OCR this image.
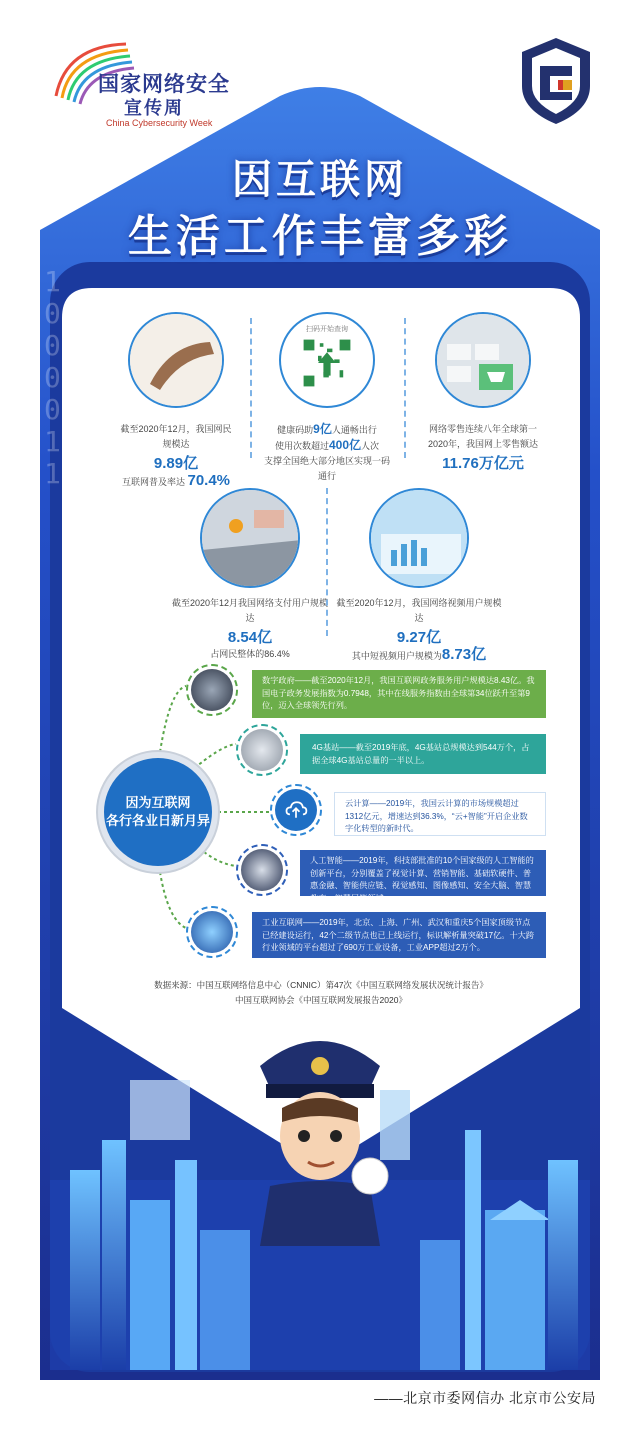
国家网络安全
宣传周
China Cybersecurity Week
因互联网
生活工作丰富多彩
1
0
0
0
0
1
1
截至2020年12月，我国网民规模达
9.89亿
互联网普及率达 70.4%
扫码开始查询
健康码助9亿人通畅出行
使用次数超过400亿人次
支撑全国绝大部分地区实现一码通行
网络零售连续八年全球第一
2020年，我国网上零售额达
11.76万亿元
截至2020年12月我国网络支付用户规模达
8.54亿
占网民整体的86.4%
截至2020年12月，我国网络视频用户规模达
9.27亿
其中短视频用户规模为8.73亿
因为互联网
各行各业日新月异
数字政府——截至2020年12月，我国互联网政务服务用户规模达8.43亿。我国电子政务发展指数为0.7948，其中在线服务指数由全球第34位跃升至第9位，迈入全球领先行列。
4G基站——截至2019年底，4G基站总规模达到544万个，占据全球4G基站总量的一半以上。
云计算——2019年，我国云计算的市场规模超过1312亿元，增速达到36.3%，“云+智能”开启企业数字化转型的新时代。
人工智能——2019年，科技部批准的10个国家级的人工智能的创新平台，分别覆盖了视觉计算、营销智能、基础软硬件、普惠金融、智能供应链、视觉感知、图像感知、安全大脑、智慧教育、智慧居等领域。
工业互联网——2019年，北京、上海、广州、武汉和重庆5个国家顶级节点已经建设运行，42个二级节点也已上线运行，标识解析量突破17亿。十大跨行业领域的平台超过了690万工业设备，工业APP超过2万个。
数据来源：中国互联网络信息中心（CNNIC）第47次《中国互联网络发展状况统计报告》
中国互联网协会《中国互联网发展报告2020》
——北京市委网信办 北京市公安局
